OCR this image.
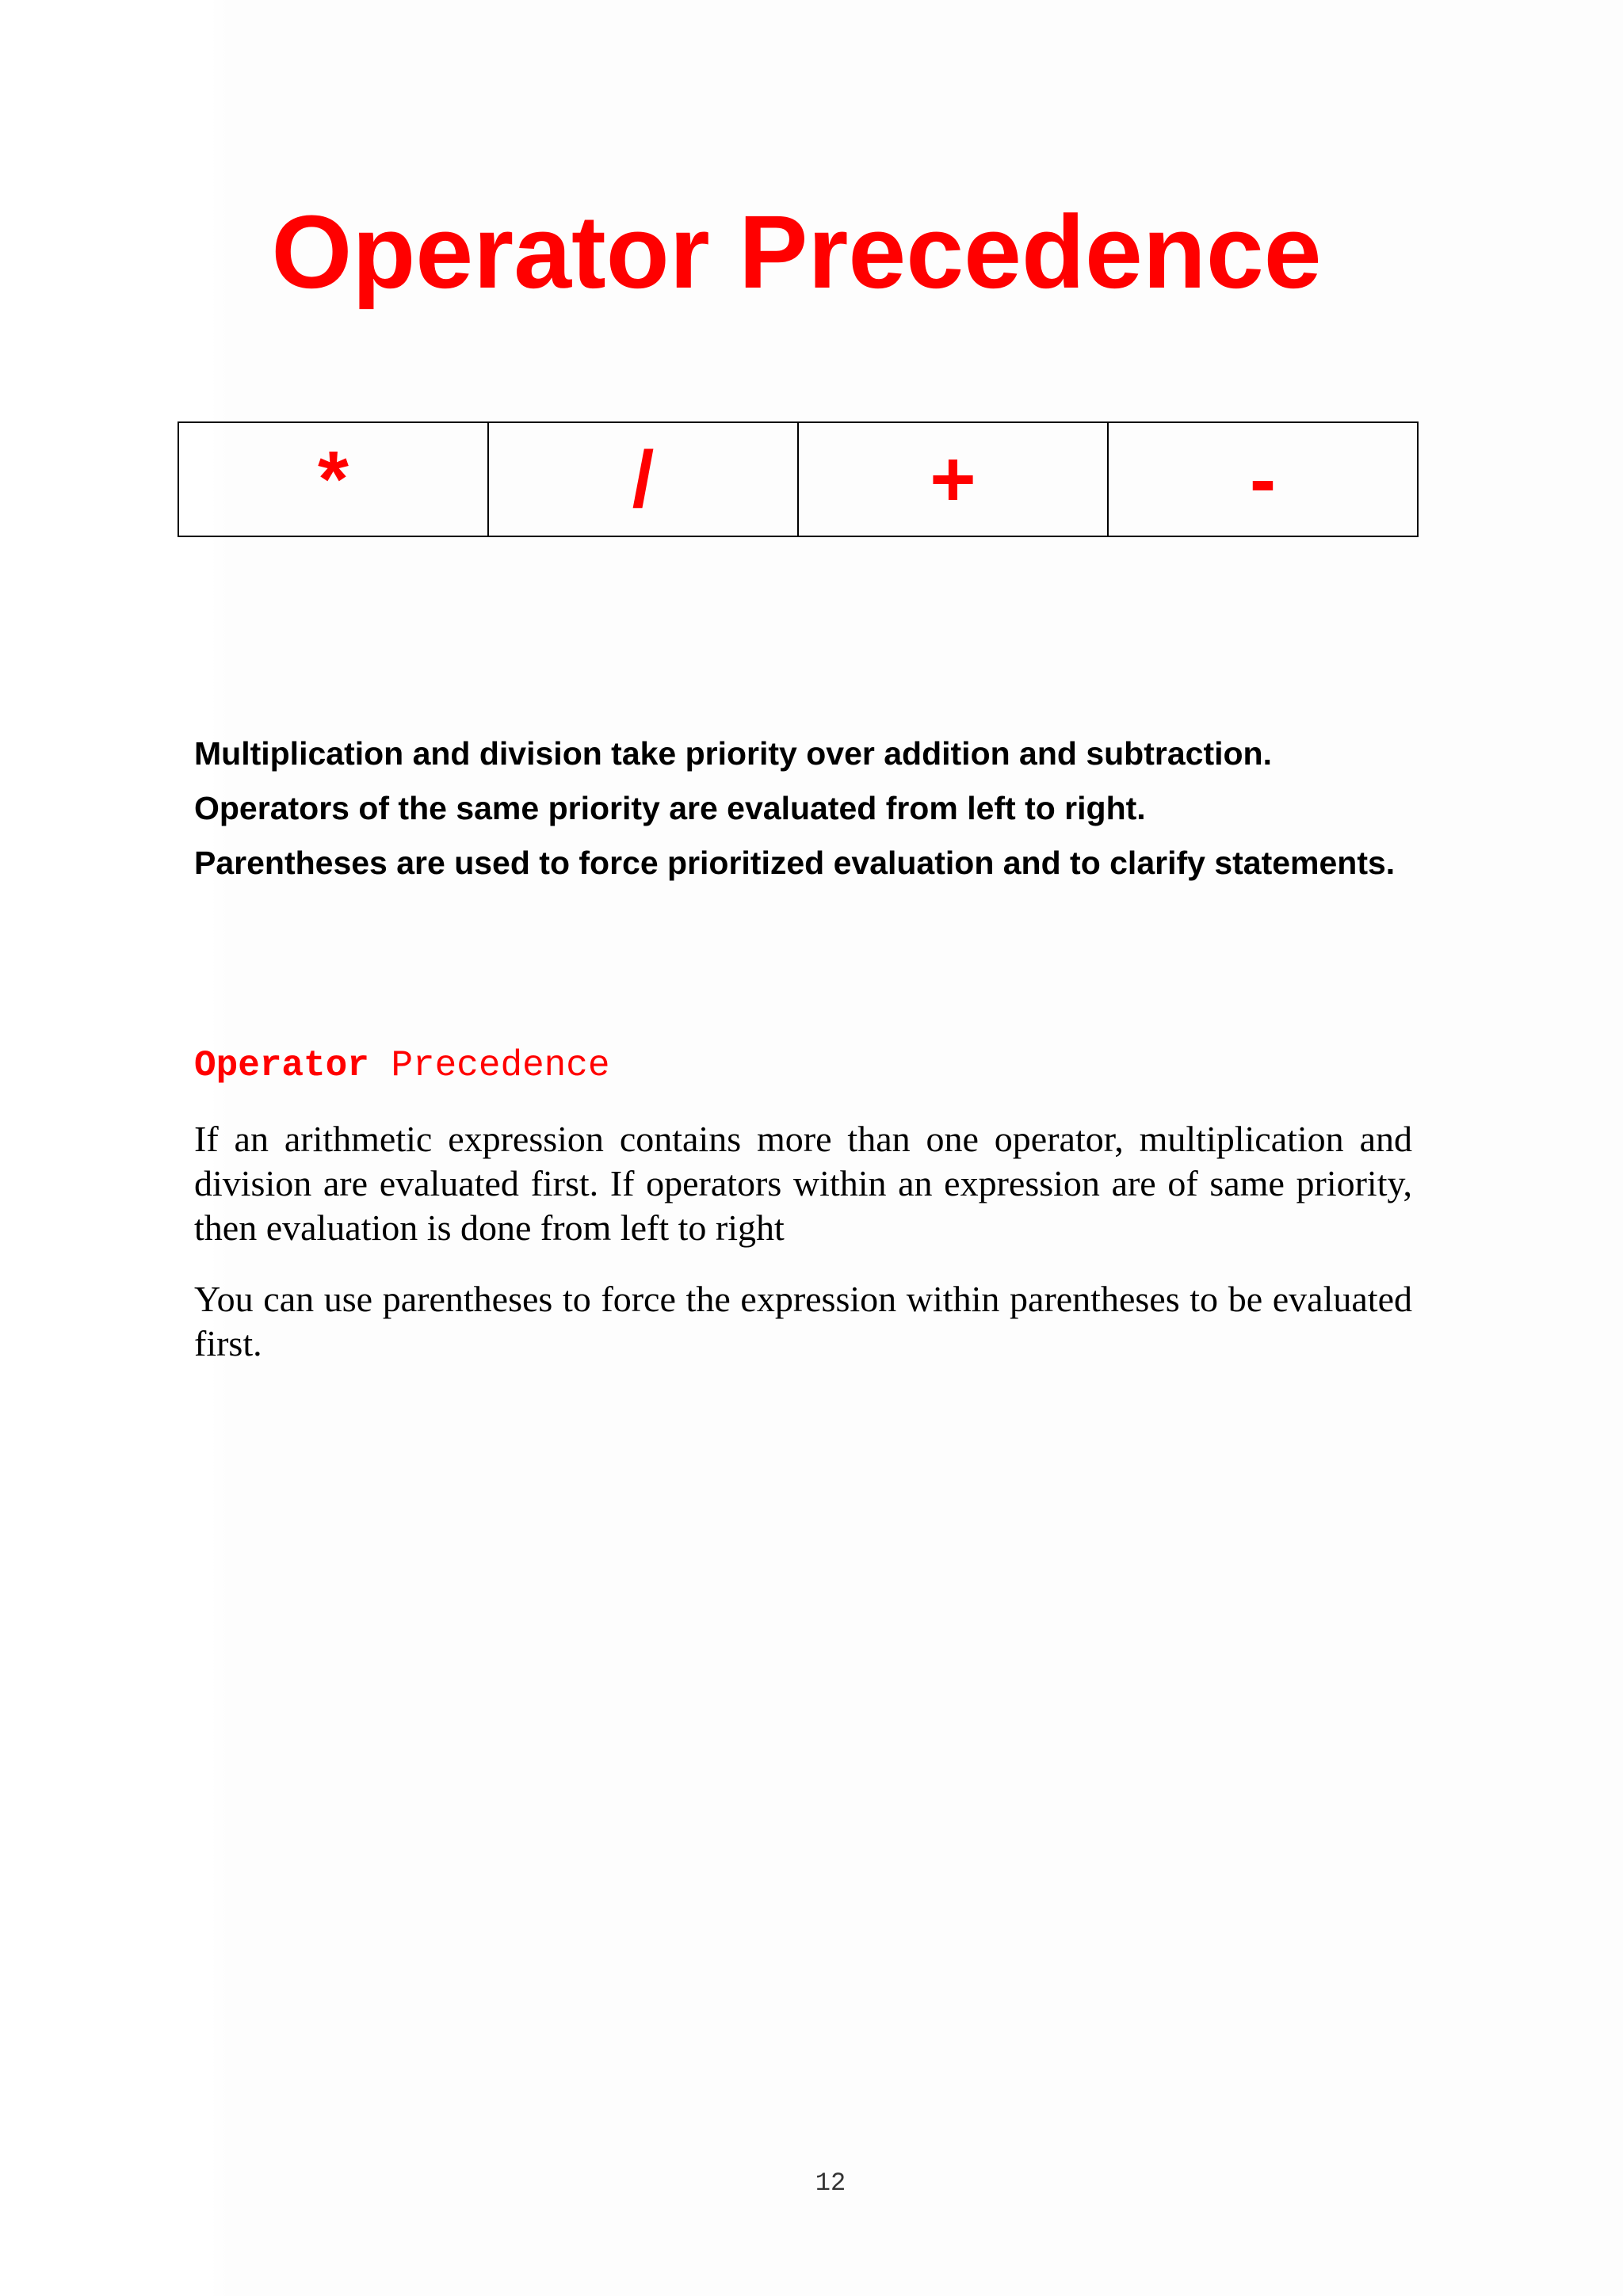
Operator Precedence
*	/	+	-

Multiplication and division take priority over addition and subtraction.

Operators of the same priority are evaluated from left to right.

Parentheses are used to force prioritized evaluation and to clarify statements.

Operator Precedence

If an arithmetic expression contains more than one operator, multiplication and division are evaluated first. If operators within an expression are of same priority, then evaluation is done from left to right

You can use parentheses to force the expression within parentheses to be evaluated first.

12
